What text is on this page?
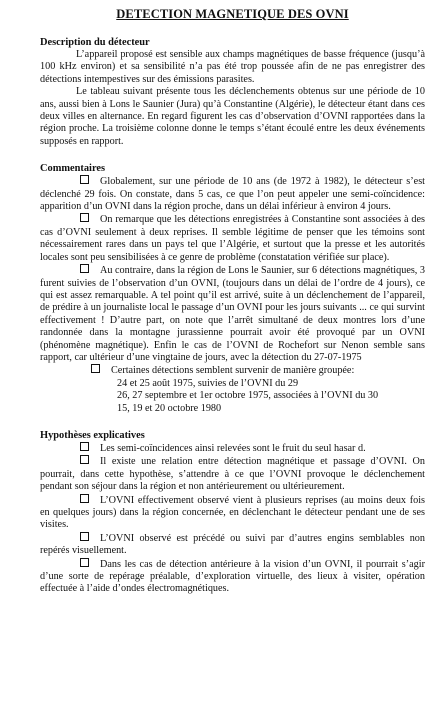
DETECTION MAGNETIQUE DES OVNI
Description du détecteur

L’appareil proposé est sensible aux champs magnétiques de basse fréquence (jusqu’à 100 kHz environ) et sa sensibilité n’a pas été trop poussée afin de ne pas enregistrer des détections intempestives sur des émissions parasites.

Le tableau suivant présente tous les déclenchements obtenus sur une période de 10 ans, aussi bien à Lons le Saunier (Jura) qu’à Constantine (Algérie), le détecteur étant dans ces deux villes en alternance. En regard figurent les cas d’observation d’OVNI rapportées dans la région proche. La troisième colonne donne le temps s’étant écoulé entre les deux événements supposés en rapport.

Commentaires

Globalement, sur une période de 10 ans (de 1972 à 1982), le détecteur s’est déclenché 29 fois. On constate, dans 5 cas, ce que l’on peut appeler une semi-coïncidence: apparition d’un OVNI dans la région proche, dans un délai inférieur à environ 4 jours.

On remarque que les détections enregistrées à Constantine sont associées à des cas d’OVNI seulement à deux reprises. Il semble légitime de penser que les témoins sont nécessairement rares dans un pays tel que l’Algérie, et surtout que la presse et les autorités locales sont peu sensibilisées à ce genre de problème (constatation vérifiée sur place).

Au contraire, dans la région de Lons le Saunier, sur 6 détections magnétiques, 3 furent suivies de l’observation d’un OVNI, (toujours dans un délai de l’ordre de 4 jours), ce qui est assez remarquable. A tel point qu’il est arrivé, suite à un déclenchement de l’appareil, de prédire à un journaliste local le passage d’un OVNI pour les jours suivants ... ce qui survint effectivement ! D’autre part, on note que l’arrêt simultané de deux montres lors d’une randonnée dans la montagne jurassienne pourrait avoir été provoqué par un OVNI (phénomène magnétique). Enfin le cas de l’OVNI de Rochefort sur Nenon semble sans rapport, car ultérieur d’une vingtaine de jours, avec la détection du 27-07-1975

Certaines détections semblent survenir de manière groupée:

24 et 25 août 1975, suivies de l’OVNI du 29
26, 27 septembre et 1er octobre 1975, associées à l’OVNI du 30
15, 19 et 20 octobre 1980
Hypothèses explicatives

Les semi-coïncidences ainsi relevées sont le fruit du seul hasar d.

Il existe une relation entre détection magnétique et passage d’OVNI. On pourrait, dans cette hypothèse, s’attendre à ce que l’OVNI provoque le déclenchement pendant son séjour dans la région et non antérieurement ou ultérieurement.

L’OVNI effectivement observé vient à plusieurs reprises (au moins deux fois en quelques jours) dans la région concernée, en déclenchant le détecteur pendant une de ses visites.

L’OVNI observé est précédé ou suivi par d’autres engins semblables non repérés visuellement.

Dans les cas de détection antérieure à la vision d’un OVNI, il pourrait s’agir d’une sorte de repérage préalable, d’exploration virtuelle, des lieux à visiter, opération effectuée à l’aide d’ondes électromagnétiques.
